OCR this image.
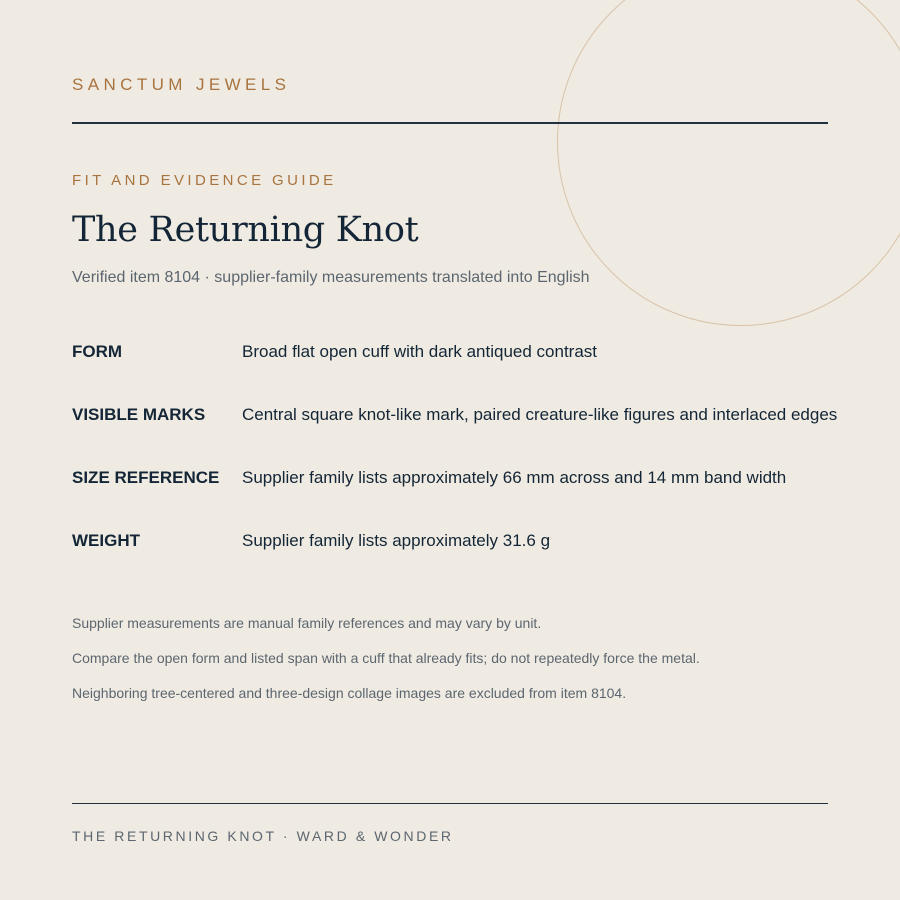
SANCTUM JEWELS
FIT AND EVIDENCE GUIDE
The Returning Knot
Verified item 8104 · supplier-family measurements translated into English
FORM	Broad flat open cuff with dark antiqued contrast
VISIBLE MARKS Central square knot-like mark, paired creature-like figures and interlaced edges
SIZE REFERENCE Supplier family lists approximately 66 mm across and 14 mm band width
WEIGHT	Supplier family lists approximately 31.6 g
Supplier measurements are manual family references and may vary by unit.
Compare the open form and listed span with a cuff that already fits; do not repeatedly force the metal.
Neighboring tree-centered and three-design collage images are excluded from item 8104.
THE RETURNING KNOT · WARD & WONDER
